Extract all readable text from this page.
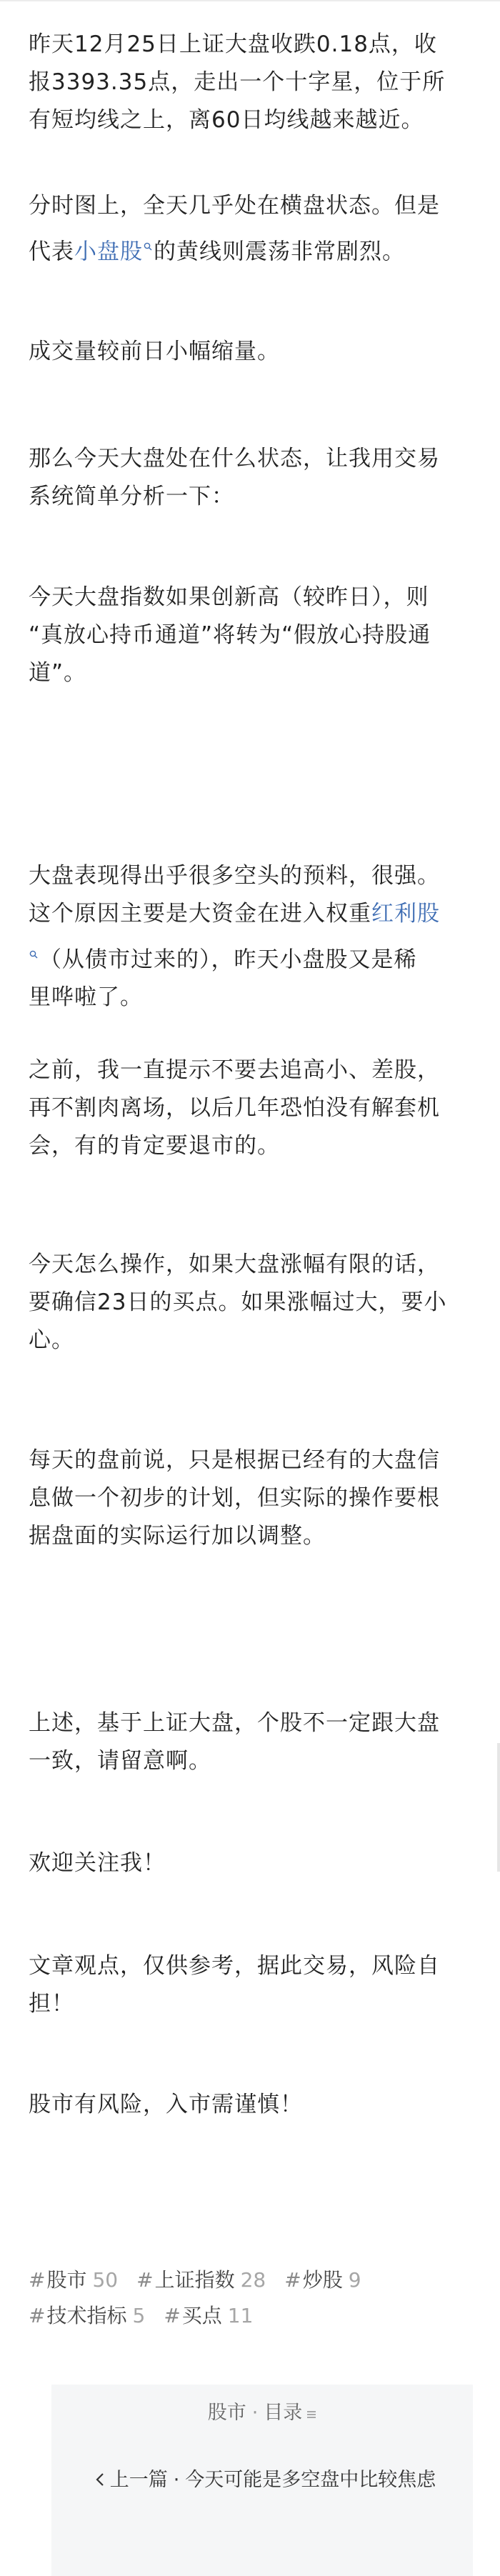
昨天12月25日上证大盘收跌0.18点，收
报3393.35点，走出一个十字星，位于所
有短均线之上，离60日均线越来越近。

分时图上，全天几乎处在横盘状态。但是
代表小盘股 的黄线则震荡非常剧烈。

成交量较前日小幅缩量。

那么今天大盘处在什么状态，让我用交易
系统简单分析一下：

今天大盘指数如果创新高（较昨日），则
“真放心持币通道”将转为“假放心持股通
道”。

大盘表现得出乎很多空头的预料，很强。
这个原因主要是大资金在进入权重红利股
（从债市过来的），昨天小盘股又是稀
里哗啦了。

之前，我一直提示不要去追高小、差股，
再不割肉离场，以后几年恐怕没有解套机
会，有的肯定要退市的。

今天怎么操作，如果大盘涨幅有限的话，
要确信23日的买点。如果涨幅过大，要小
心。

每天的盘前说，只是根据已经有的大盘信
息做一个初步的计划，但实际的操作要根
据盘面的实际运行加以调整。

上述，基于上证大盘，个股不一定跟大盘
一致，请留意啊。

欢迎关注我！

文章观点，仅供参考，据此交易，风险自
担！

股市有风险，入市需谨慎！

#股市 50 #上证指数 28 #炒股 9
#技术指标 5 #买点 11
股市 · 目录
上一篇 · 今天可能是多空盘中比较焦虑
